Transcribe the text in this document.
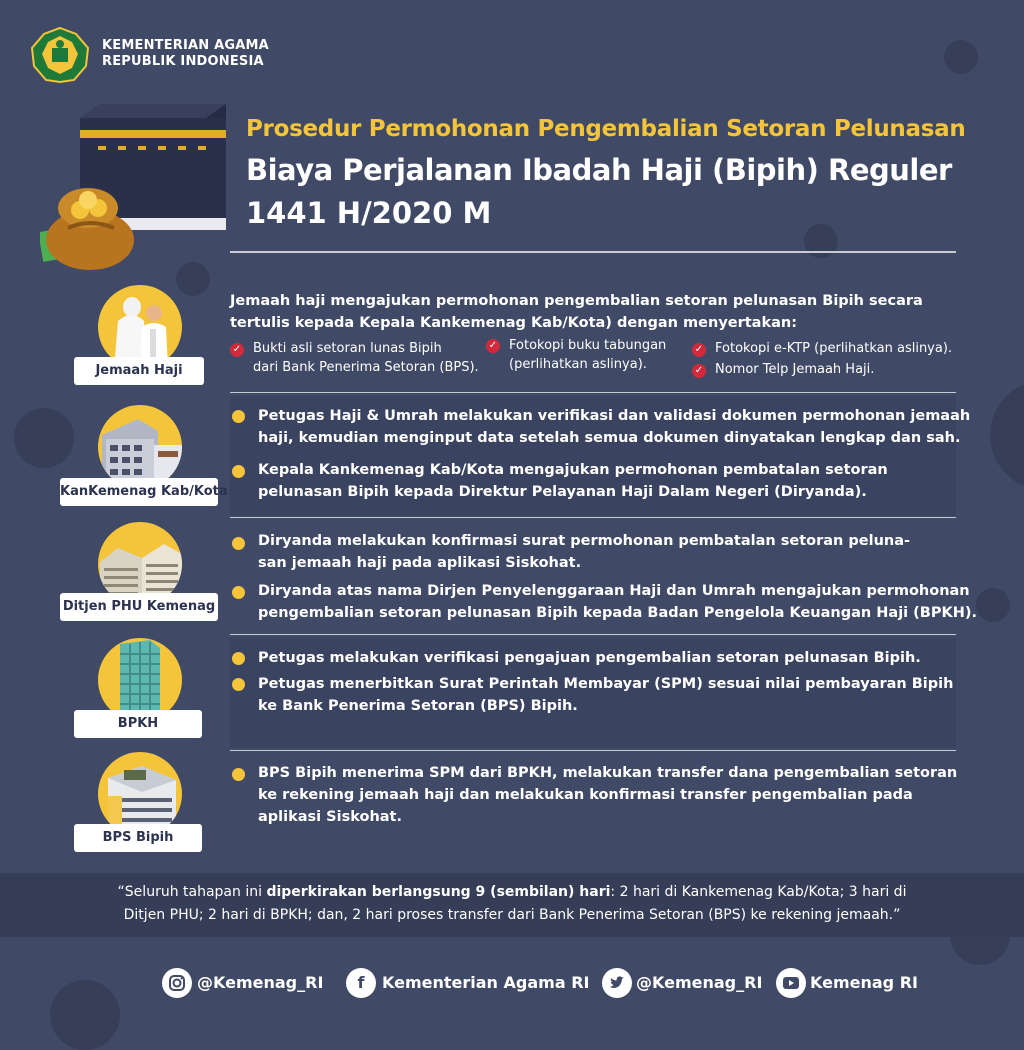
KEMENTERIAN AGAMA
REPUBLIK INDONESIA
Prosedur Permohonan Pengembalian Setoran Pelunasan
Biaya Perjalanan Ibadah Haji (Bipih) Reguler
1441 H/2020 M
Jemaah Haji
Jemaah haji mengajukan permohonan pengembalian setoran pelunasan Bipih secara
tertulis kepada Kepala Kankemenag Kab/Kota) dengan menyertakan:
✓ Bukti asli setoran lunas Bipih
dari Bank Penerima Setoran (BPS).
✓ Fotokopi buku tabungan
(perlihatkan aslinya).
✓ Fotokopi e-KTP (perlihatkan aslinya).
✓ Nomor Telp Jemaah Haji.
KanKemenag Kab/Kota
Petugas Haji & Umrah melakukan verifikasi dan validasi dokumen permohonan jemaah
haji, kemudian menginput data setelah semua dokumen dinyatakan lengkap dan sah.
Kepala Kankemenag Kab/Kota mengajukan permohonan pembatalan setoran
pelunasan Bipih kepada Direktur Pelayanan Haji Dalam Negeri (Diryanda).
Ditjen PHU Kemenag
Diryanda melakukan konfirmasi surat permohonan pembatalan setoran peluna-
san jemaah haji pada aplikasi Siskohat.
Diryanda atas nama Dirjen Penyelenggaraan Haji dan Umrah mengajukan permohonan
pengembalian setoran pelunasan Bipih kepada Badan Pengelola Keuangan Haji (BPKH).
BPKH
Petugas melakukan verifikasi pengajuan pengembalian setoran pelunasan Bipih.
Petugas menerbitkan Surat Perintah Membayar (SPM) sesuai nilai pembayaran Bipih
ke Bank Penerima Setoran (BPS) Bipih.
BPS Bipih
BPS Bipih menerima SPM dari BPKH, melakukan transfer dana pengembalian setoran
ke rekening jemaah haji dan melakukan konfirmasi transfer pengembalian pada
aplikasi Siskohat.
“Seluruh tahapan ini diperkirakan berlangsung 9 (sembilan) hari: 2 hari di Kankemenag Kab/Kota; 3 hari di
Ditjen PHU; 2 hari di BPKH; dan, 2 hari proses transfer dari Bank Penerima Setoran (BPS) ke rekening jemaah.”
@Kemenag_RI	f	Kementerian Agama RI	@Kemenag_RI	Kemenag RI
